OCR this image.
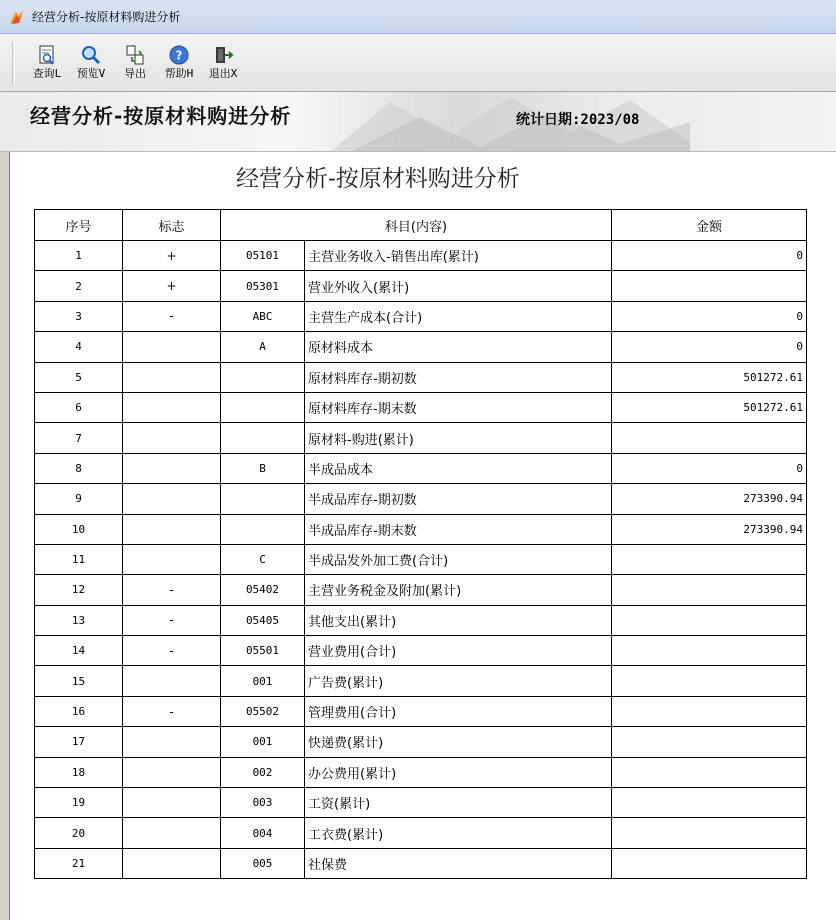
经营分析-按原材料购进分析
查询L 预览V 导出
?
帮助H 退出X
经营分析-按原材料购进分析	统计日期:2023/08
经营分析-按原材料购进分析
序号	标志	科目(内容)		金额
1	+	05101	主营业务收入-销售出库(累计)	0
2	+	05301	营业外收入(累计)	
3	-	ABC	主营生产成本(合计)	0
4		A	原材料成本	0
5			原材料库存-期初数	501272.61
6			原材料库存-期末数	501272.61
7			原材料-购进(累计)	
8		B	半成品成本	0
9			半成品库存-期初数	273390.94
10			半成品库存-期末数	273390.94
11		C	半成品发外加工费(合计)	
12	-	05402	主营业务税金及附加(累计)	
13	-	05405	其他支出(累计)	
14	-	05501	营业费用(合计)	
15		001	广告费(累计)	
16	-	05502	管理费用(合计)	
17		001	快递费(累计)	
18		002	办公费用(累计)	
19		003	工资(累计)	
20		004	工衣费(累计)	
21		005	社保费	
